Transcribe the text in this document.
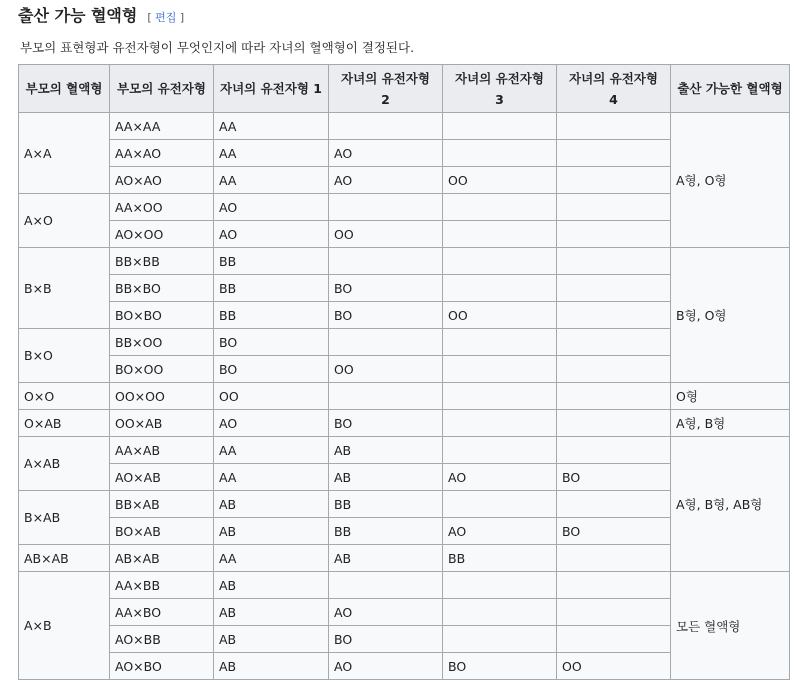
출산 가능 혈액형 [ 편집 ]

부모의 표현형과 유전자형이 무엇인지에 따라 자녀의 혈액형이 결정된다.

부모의 혈액형	부모의 유전자형	자녀의 유전자형 1	자녀의 유전자형 2	자녀의 유전자형 3	자녀의 유전자형 4	출산 가능한 혈액형
A×A	AA×AA	AA				A형, O형
	AA×AO	AA	AO			
	AO×AO	AA	AO	OO		
A×O	AA×OO	AO				
	AO×OO	AO	OO			
B×B	BB×BB	BB				B형, O형
	BB×BO	BB	BO			
	BO×BO	BB	BO	OO		
B×O	BB×OO	BO				
	BO×OO	BO	OO			
O×O	OO×OO	OO				O형
O×AB	OO×AB	AO	BO			A형, B형
A×AB	AA×AB	AA	AB			A형, B형, AB형
	AO×AB	AA	AB	AO	BO	
B×AB	BB×AB	AB	BB			
	BO×AB	AB	BB	AO	BO	
AB×AB	AB×AB	AA	AB	BB		
A×B	AA×BB	AB				모든 혈액형
	AA×BO	AB	AO			
	AO×BB	AB	BO			
	AO×BO	AB	AO	BO	OO	
